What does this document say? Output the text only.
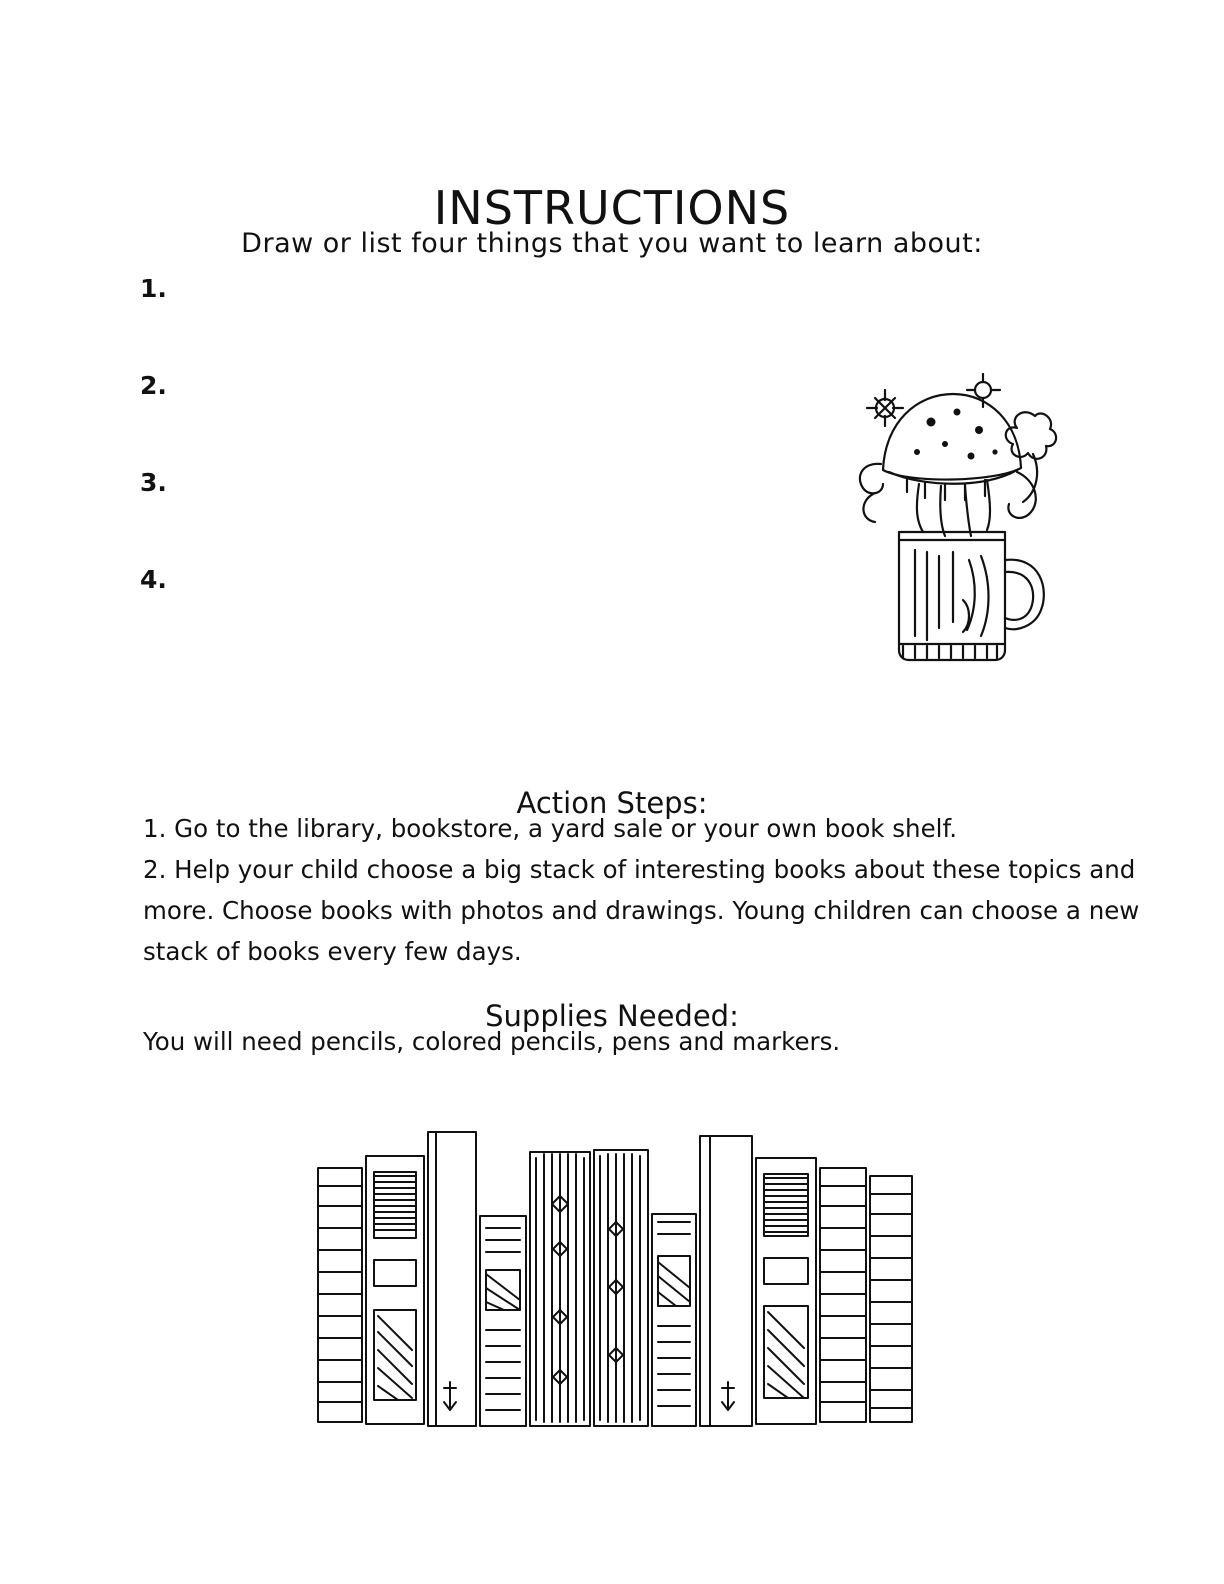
INSTRUCTIONS
Draw or list four things that you want to learn about:
1.
2.
3.
4.
Action Steps:

1. Go to the library, bookstore, a yard sale or your own book shelf.

2. Help your child choose a big stack of interesting books about these topics and more. Choose books with photos and drawings. Young children can choose a new stack of books every few days.

Supplies Needed:
You will need pencils, colored pencils, pens and markers.
